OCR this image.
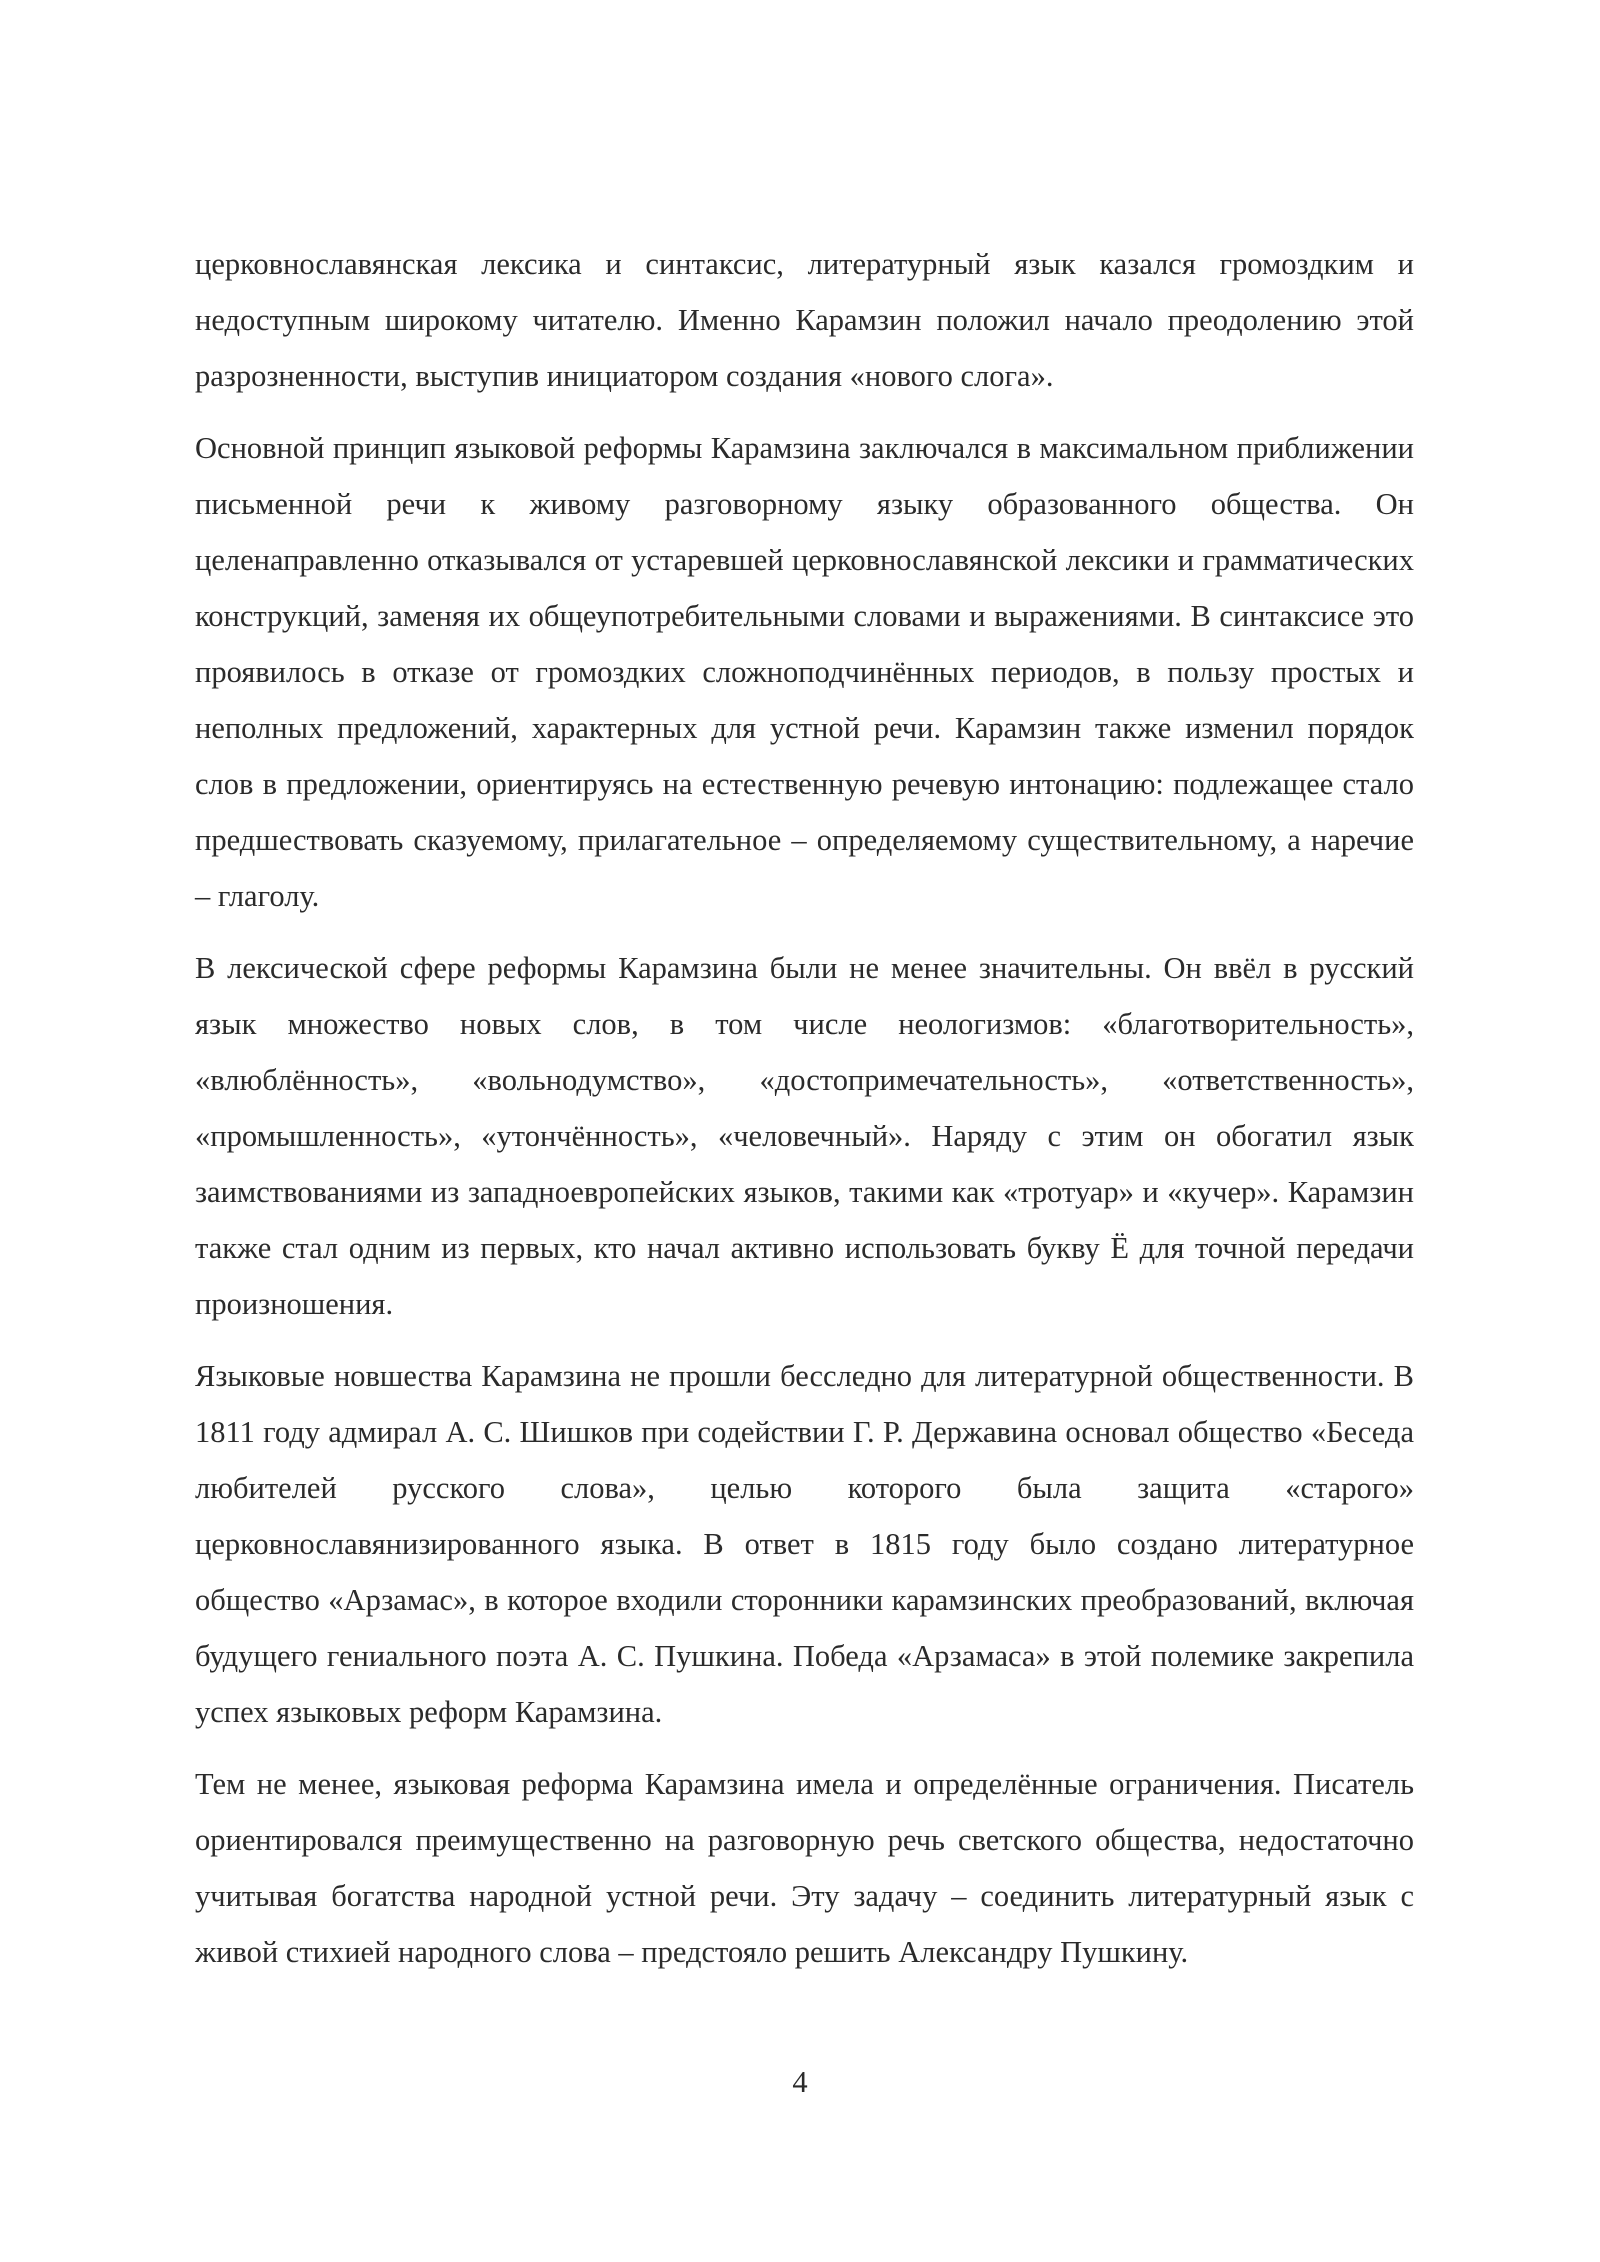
церковнославянская лексика и синтаксис, литературный язык казался громоздким и недоступным широкому читателю. Именно Карамзин положил начало преодолению этой разрозненности, выступив инициатором создания «нового слога».

Основной принцип языковой реформы Карамзина заключался в максимальном приближении письменной речи к живому разговорному языку образованного общества. Он целенаправленно отказывался от устаревшей церковнославянской лексики и грамматических конструкций, заменяя их общеупотребительными словами и выражениями. В синтаксисе это проявилось в отказе от громоздких сложноподчинённых периодов, в пользу простых и неполных предложений, характерных для устной речи. Карамзин также изменил порядок слов в предложении, ориентируясь на естественную речевую интонацию: подлежащее стало предшествовать сказуемому, прилагательное – определяемому существительному, а наречие – глаголу.

В лексической сфере реформы Карамзина были не менее значительны. Он ввёл в русский язык множество новых слов, в том числе неологизмов: «благотворительность», «влюблённость», «вольнодумство», «достопримечательность», «ответственность», «промышленность», «утончённость», «человечный». Наряду с этим он обогатил язык заимствованиями из западноевропейских языков, такими как «тротуар» и «кучер». Карамзин также стал одним из первых, кто начал активно использовать букву Ё для точной передачи произношения.

Языковые новшества Карамзина не прошли бесследно для литературной общественности. В 1811 году адмирал А. С. Шишков при содействии Г. Р. Державина основал общество «Беседа любителей русского слова», целью которого была защита «старого» церковнославянизированного языка. В ответ в 1815 году было создано литературное общество «Арзамас», в которое входили сторонники карамзинских преобразований, включая будущего гениального поэта А. С. Пушкина. Победа «Арзамаса» в этой полемике закрепила успех языковых реформ Карамзина.

Тем не менее, языковая реформа Карамзина имела и определённые ограничения. Писатель ориентировался преимущественно на разговорную речь светского общества, недостаточно учитывая богатства народной устной речи. Эту задачу – соединить литературный язык с живой стихией народного слова – предстояло решить Александру Пушкину.

4
